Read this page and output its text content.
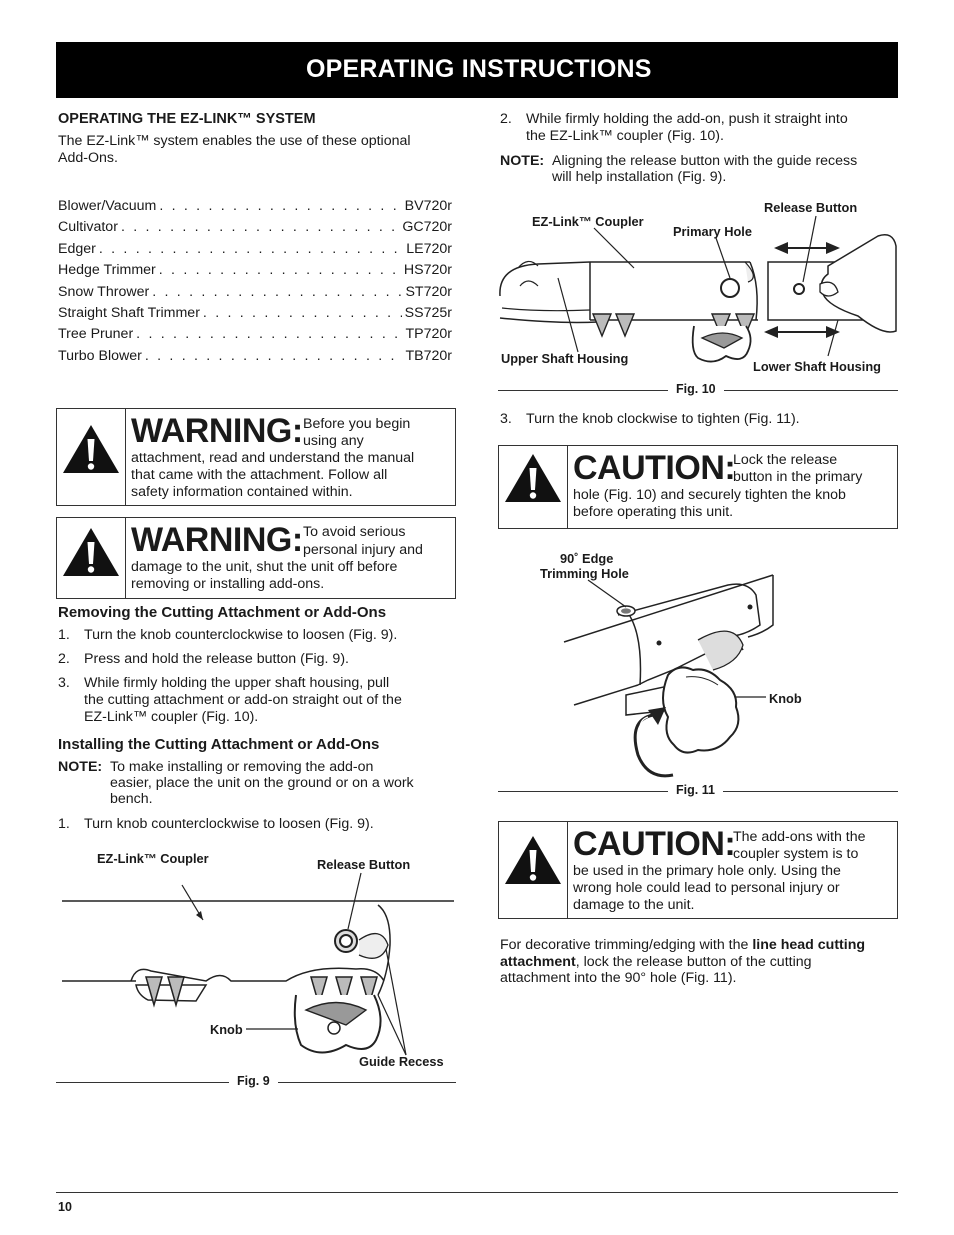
OPERATING INSTRUCTIONS
OPERATING THE EZ-LINK™ SYSTEM
The EZ-Link™ system enables the use of these optional
Add-Ons.
Blower/Vacuum . . .	BV720r
Cultivator . . .	GC720r
Edger . . .	LE720r
Hedge Trimmer . . .	HS720r
Snow Thrower . . .	ST720r
Straight Shaft Trimmer . . .	SS725r
Tree Pruner . . .	TP720r
Turbo Blower . . .	TB720r
WARNING: Before you begin
using any
attachment, read and understand the manual
that came with the attachment. Follow all
safety information contained within.
WARNING: To avoid serious
personal injury and
damage to the unit, shut the unit off before
removing or installing add-ons.
Removing the Cutting Attachment or Add-Ons
1. Turn the knob counterclockwise to loosen (Fig. 9).
2. Press and hold the release button (Fig. 9).
3. While firmly holding the upper shaft housing, pull
the cutting attachment or add-on straight out of the
EZ-Link™ coupler (Fig. 10).
Installing the Cutting Attachment or Add-Ons
NOTE: To make installing or removing the add-on
easier, place the unit on the ground or on a work
bench.
1. Turn knob counterclockwise to loosen (Fig. 9).
EZ-Link™ Coupler	Release Button
Knob
Guide Recess
Fig. 9
2. While firmly holding the add-on, push it straight into
the EZ-Link™ coupler (Fig. 10).
NOTE: Aligning the release button with the guide recess
will help installation (Fig. 9).
Release Button
EZ-Link™ Coupler
Primary Hole
Upper Shaft Housing
Lower Shaft Housing
Fig. 10
3. Turn the knob clockwise to tighten (Fig. 11).
CAUTION:
Lock the release
button in the primary
hole (Fig. 10) and securely tighten the knob
before operating this unit.
90˚ Edge
Trimming Hole
Knob
Fig. 11
CAUTION:
The add-ons with the
coupler system is to
be used in the primary hole only. Using the
wrong hole could lead to personal injury or
damage to the unit.
For decorative trimming/edging with the line head cutting
attachment, lock the release button of the cutting
attachment into the 90° hole (Fig. 11).
10
